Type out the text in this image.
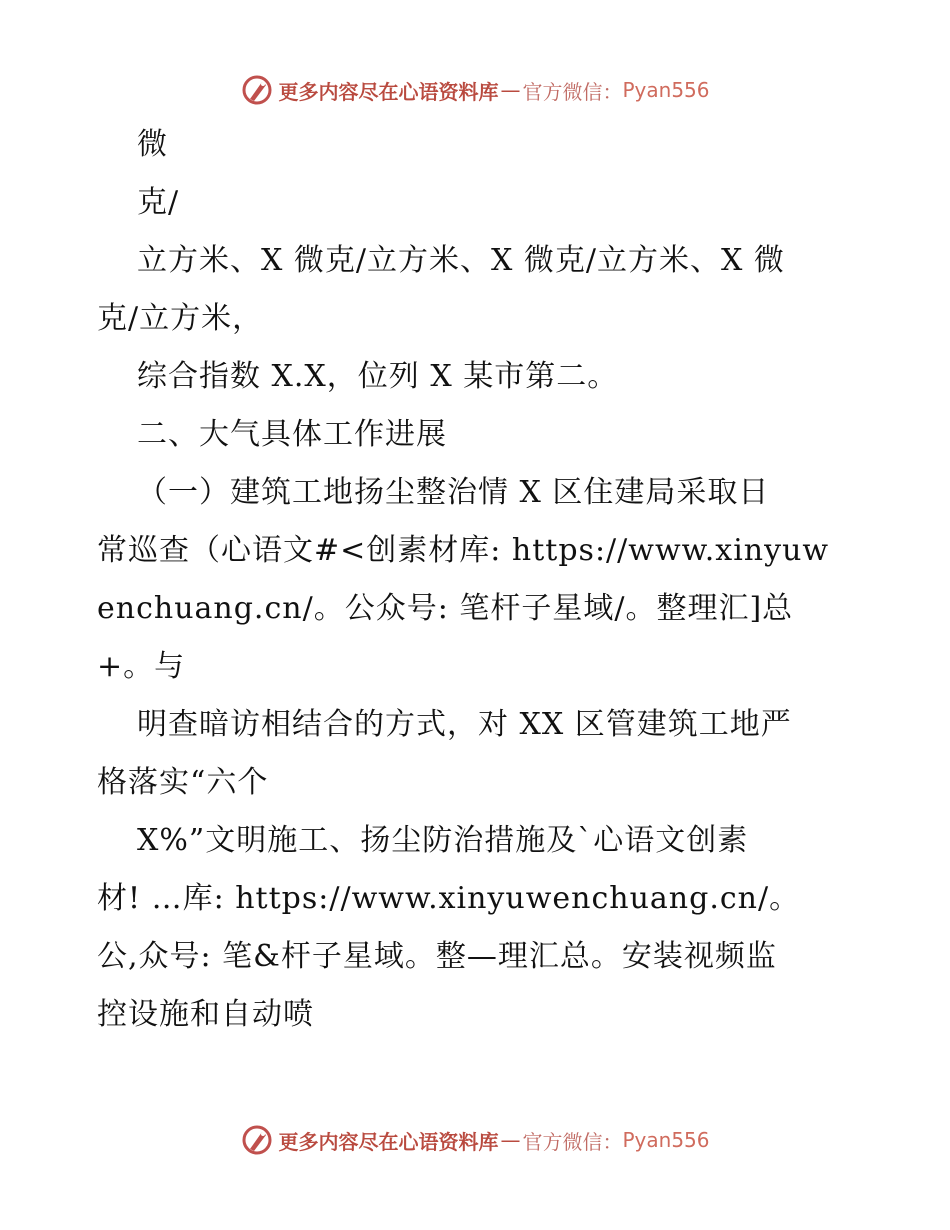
更多内容尽在心语资料库 — 官方微信： Pyan556
微
克/
立方米、X 微克/立方米、X 微克/立方米、X 微
克/立方米，
综合指数 X.X，位列 X 某市第二。
二、大气具体工作进展
（一）建筑工地扬尘整治情 X 区住建局采取日
常巡查（心语文#<创素材库: https://www.xinyuw
enchuang.cn/。公众号: 笔杆子星域/。整理汇]总
+。与
明查暗访相结合的方式，对 XX 区管建筑工地严
格落实“六个
X%”文明施工、扬尘防治措施及`心语文创素
材! …库: https://www.xinyuwenchuang.cn/。
公,众号: 笔&杆子星域。整—理汇总。安装视频监
控设施和自动喷
更多内容尽在心语资料库 — 官方微信： Pyan556
